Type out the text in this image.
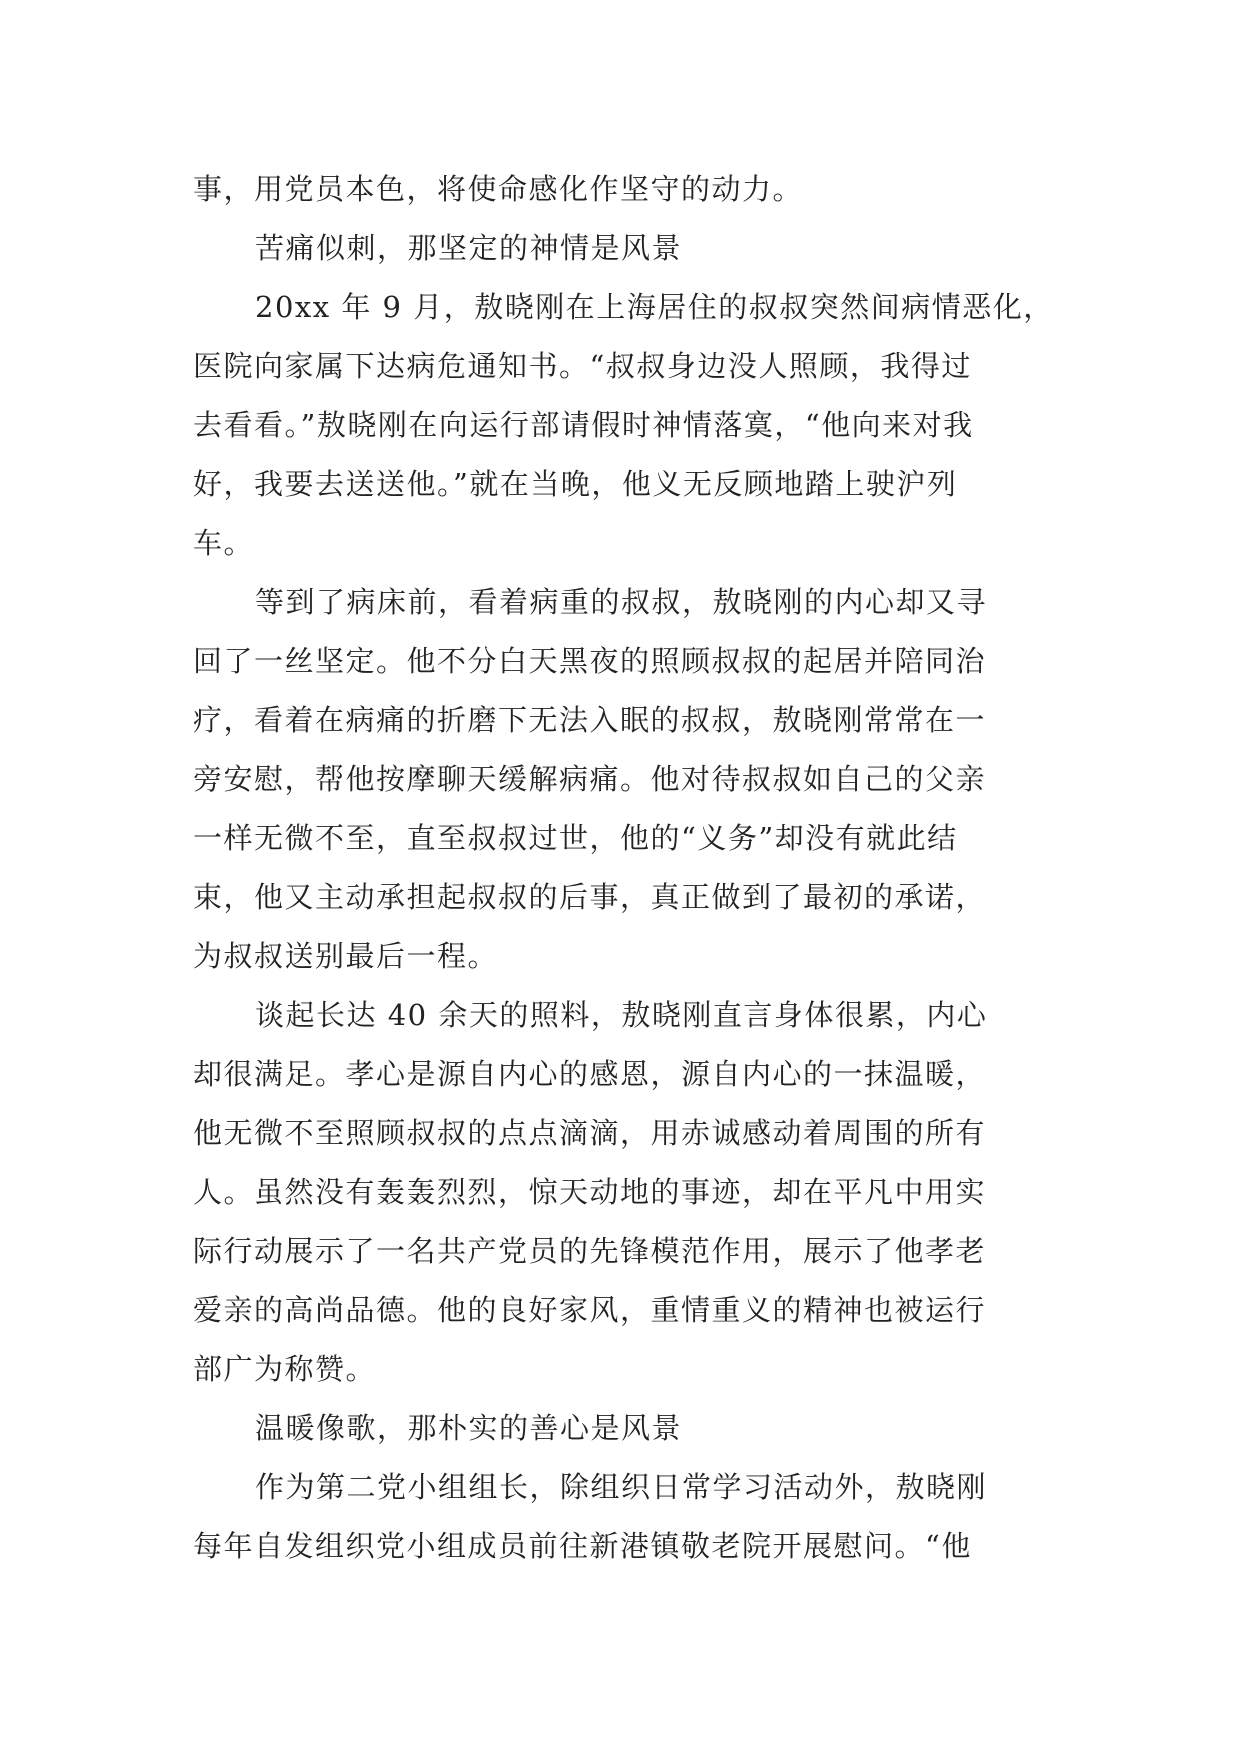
事，用党员本色，将使命感化作坚守的动力。
苦痛似刺，那坚定的神情是风景
20xx 年 9 月，敖晓刚在上海居住的叔叔突然间病情恶化，
医院向家属下达病危通知书。“叔叔身边没人照顾，我得过
去看看。”敖晓刚在向运行部请假时神情落寞，“他向来对我
好，我要去送送他。”就在当晚，他义无反顾地踏上驶沪列
车。
等到了病床前，看着病重的叔叔，敖晓刚的内心却又寻
回了一丝坚定。他不分白天黑夜的照顾叔叔的起居并陪同治
疗，看着在病痛的折磨下无法入眠的叔叔，敖晓刚常常在一
旁安慰，帮他按摩聊天缓解病痛。他对待叔叔如自己的父亲
一样无微不至，直至叔叔过世，他的“义务”却没有就此结
束，他又主动承担起叔叔的后事，真正做到了最初的承诺，
为叔叔送别最后一程。
谈起长达 40 余天的照料，敖晓刚直言身体很累，内心
却很满足。孝心是源自内心的感恩，源自内心的一抹温暖，
他无微不至照顾叔叔的点点滴滴，用赤诚感动着周围的所有
人。虽然没有轰轰烈烈，惊天动地的事迹，却在平凡中用实
际行动展示了一名共产党员的先锋模范作用，展示了他孝老
爱亲的高尚品德。他的良好家风，重情重义的精神也被运行
部广为称赞。
温暖像歌，那朴实的善心是风景
作为第二党小组组长，除组织日常学习活动外，敖晓刚
每年自发组织党小组成员前往新港镇敬老院开展慰问。“他
